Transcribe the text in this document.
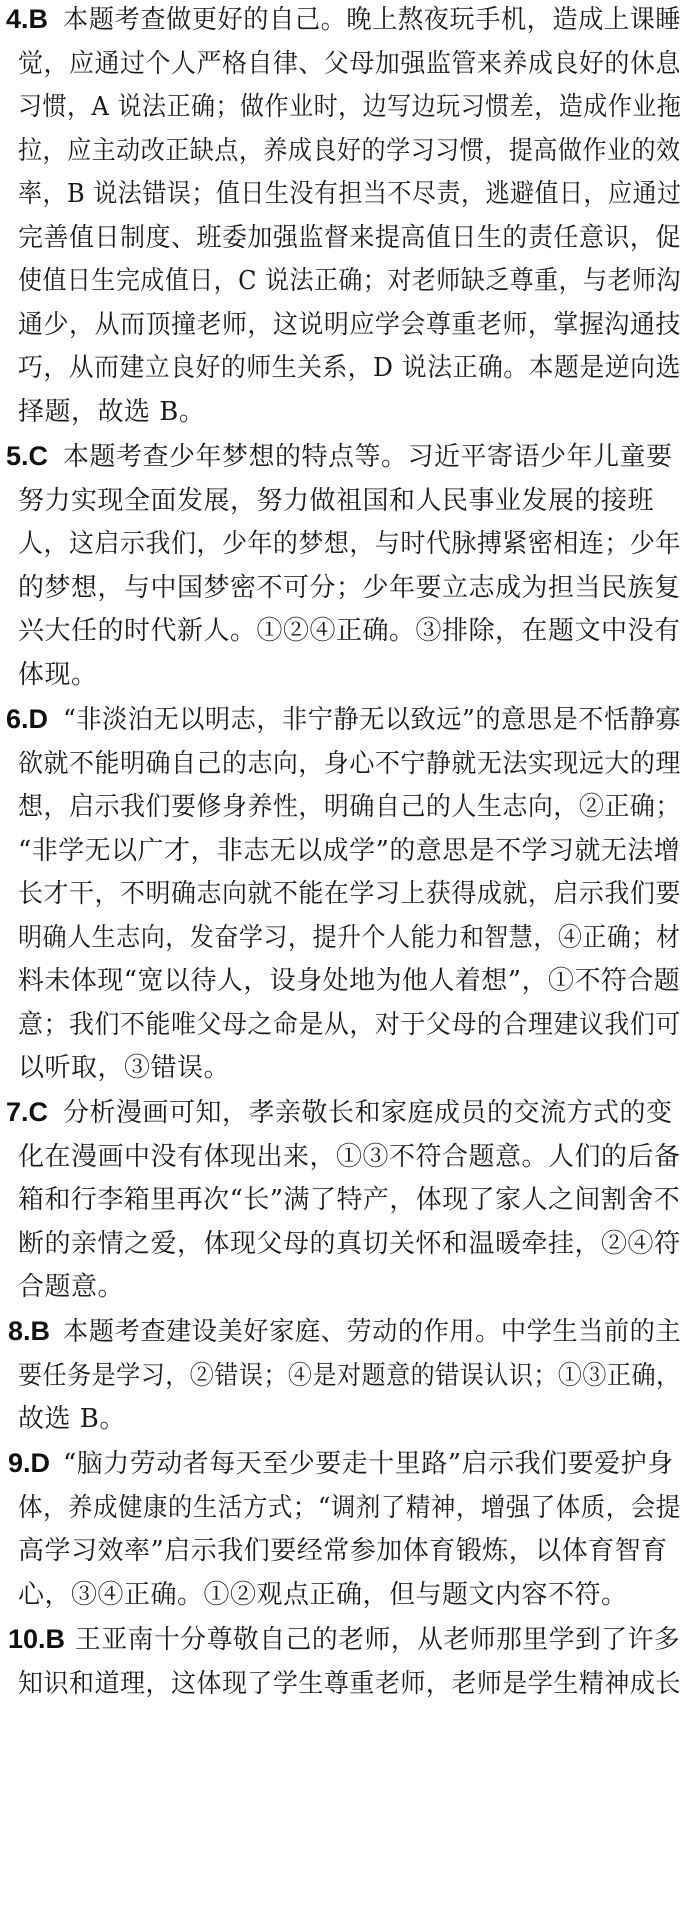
4.B 本题考查做更好的自己。晚上熬夜玩手机，造成上课睡
觉，应通过个人严格自律、父母加强监管来养成良好的休息
习惯，A 说法正确；做作业时，边写边玩习惯差，造成作业拖
拉，应主动改正缺点，养成良好的学习习惯，提高做作业的效
率，B 说法错误；值日生没有担当不尽责，逃避值日，应通过
完善值日制度、班委加强监督来提高值日生的责任意识，促
使值日生完成值日，C 说法正确；对老师缺乏尊重，与老师沟
通少，从而顶撞老师，这说明应学会尊重老师，掌握沟通技
巧，从而建立良好的师生关系，D 说法正确。本题是逆向选
择题，故选 B。
5.C 本题考查少年梦想的特点等。习近平寄语少年儿童要
努力实现全面发展，努力做祖国和人民事业发展的接班
人，这启示我们，少年的梦想，与时代脉搏紧密相连；少年
的梦想，与中国梦密不可分；少年要立志成为担当民族复
兴大任的时代新人。①②④正确。③排除，在题文中没有
体现。
6.D “非淡泊无以明志，非宁静无以致远”的意思是不恬静寡
欲就不能明确自己的志向，身心不宁静就无法实现远大的理
想，启示我们要修身养性，明确自己的人生志向，②正确；
“非学无以广才，非志无以成学”的意思是不学习就无法增
长才干，不明确志向就不能在学习上获得成就，启示我们要
明确人生志向，发奋学习，提升个人能力和智慧，④正确；材
料未体现“宽以待人，设身处地为他人着想”，①不符合题
意；我们不能唯父母之命是从，对于父母的合理建议我们可
以听取，③错误。
7.C 分析漫画可知，孝亲敬长和家庭成员的交流方式的变
化在漫画中没有体现出来，①③不符合题意。人们的后备
箱和行李箱里再次“长”满了特产，体现了家人之间割舍不
断的亲情之爱，体现父母的真切关怀和温暖牵挂，②④符
合题意。
8.B 本题考查建设美好家庭、劳动的作用。中学生当前的主
要任务是学习，②错误；④是对题意的错误认识；①③正确，
故选 B。
9.D “脑力劳动者每天至少要走十里路”启示我们要爱护身
体，养成健康的生活方式；“调剂了精神，增强了体质，会提
高学习效率”启示我们要经常参加体育锻炼，以体育智育
心，③④正确。①②观点正确，但与题文内容不符。
10.B 王亚南十分尊敬自己的老师，从老师那里学到了许多
知识和道理，这体现了学生尊重老师，老师是学生精神成长
